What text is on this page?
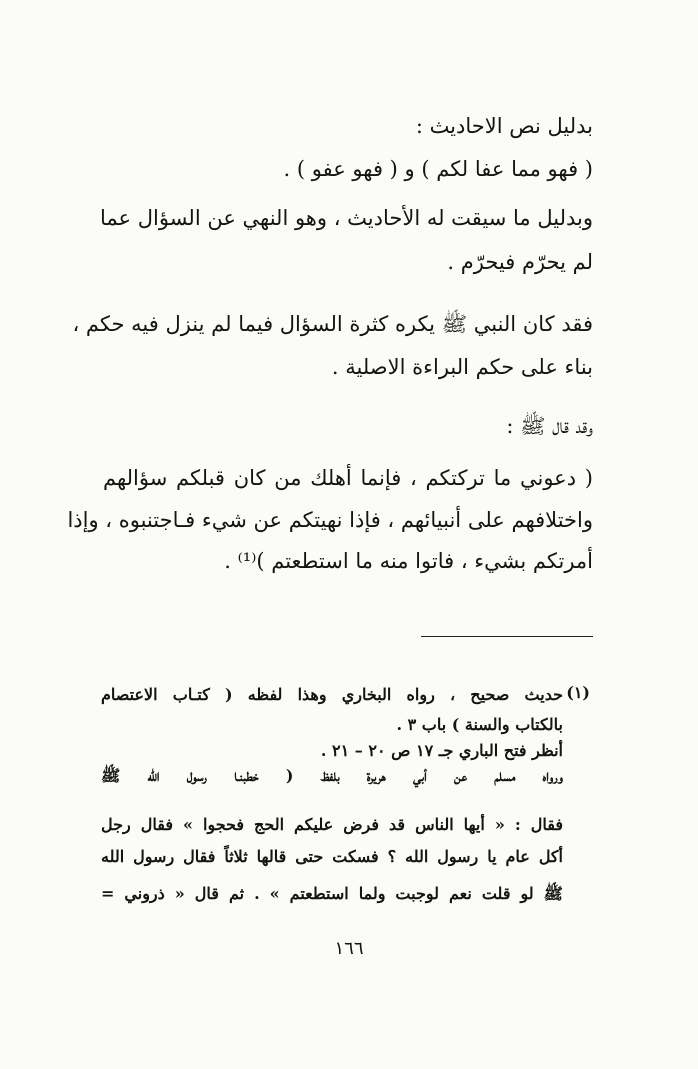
بدليل نص الاحاديث :
( فهو مما عفا لكم ) و ( فهو عفو ) .
وبدليل ما سيقت له الأحاديث ، وهو النهي عن السؤال عما
لم يحرّم فيحرّم .
فقد كان النبي ﷺ يكره كثرة السؤال فيما لم ينزل فيه حكم ،
بناء على حكم البراءة الاصلية .
وقد قال ﷺ :
( دعوني ما تركتكم ، فإنما أهلك من كان قبلكم سؤالهم
واختلافهم على أنبيائهم ، فإذا نهيتكم عن شيء فـاجتنبوه ، وإذا
أمرتكم بشيء ، فاتوا منه ما استطعتم )⁽¹⁾ .
(١)
حديث صحيح ، رواه البخاري وهذا لفظه ( كتـاب الاعتصام
بالكتاب والسنة ) باب ٣ .
أنظر فتح الباري جـ ١٧ ص ٢٠ – ٢١ .
ورواه مسلم عن أبي هريرة بلفظ ( خطبنـا رسول الله ﷺ
فقال : « أيها الناس قد فرض عليكم الحج فحجوا » فقال رجل
أكل عام يا رسول الله ؟ فسكت حتى قالها ثلاثاً فقال رسول الله
ﷺ لو قلت نعم لوجبت ولما استطعتم » . ثم قال « ذروني =
١٦٦
